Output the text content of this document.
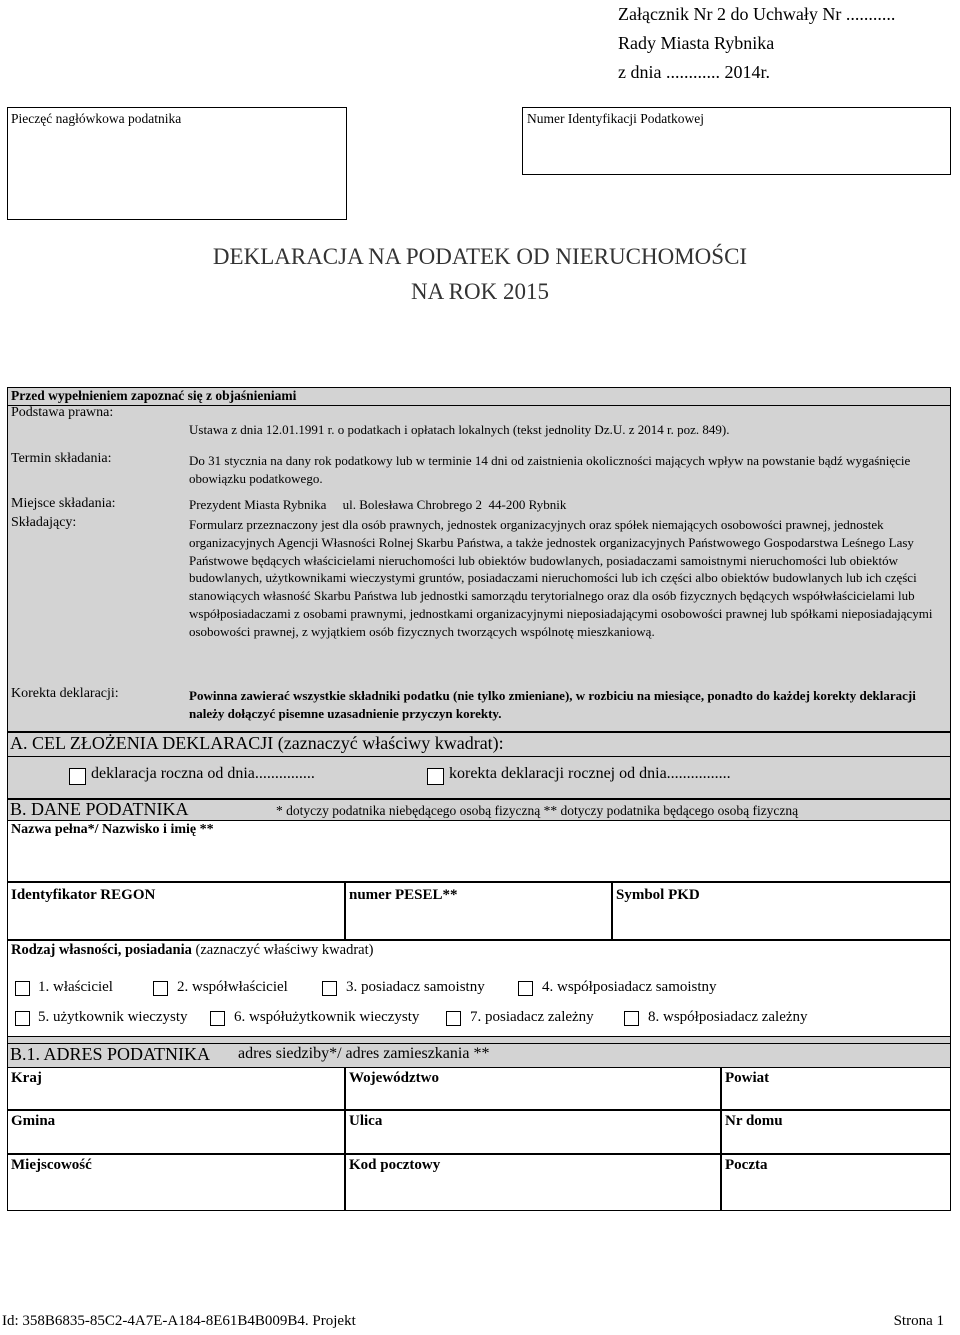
Załącznik Nr 2 do Uchwały Nr ...........
Rady Miasta Rybnika
z dnia ............ 2014r.
Pieczęć nagłówkowa podatnika	Numer Identyfikacji Podatkowej
DEKLARACJA NA PODATEK OD NIERUCHOMOŚCI
NA ROK 2015
Przed wypełnieniem zapoznać się z objaśnieniami
Podstawa prawna:
Ustawa z dnia 12.01.1991 r. o podatkach i opłatach lokalnych (tekst jednolity Dz.U. z 2014 r. poz. 849).
Termin składania:	Do 31 stycznia na dany rok podatkowy lub w terminie 14 dni od zaistnienia okoliczności mających wpływ na powstanie bądź wygaśnięcie obowiązku podatkowego.
Miejsce składania:	Prezydent Miasta Rybnika     ul. Bolesława Chrobrego 2  44-200 Rybnik
Składający:	Formularz przeznaczony jest dla osób prawnych, jednostek organizacyjnych oraz spółek niemających osobowości prawnej, jednostek organizacyjnych Agencji Własności Rolnej Skarbu Państwa, a także jednostek organizacyjnych Państwowego Gospodarstwa Leśnego Lasy Państwowe będących właścicielami nieruchomości lub obiektów budowlanych, posiadaczami samoistnymi nieruchomości lub obiektów budowlanych, użytkownikami wieczystymi gruntów, posiadaczami nieruchomości lub ich części albo obiektów budowlanych lub ich części stanowiących własność Skarbu Państwa lub jednostki samorządu terytorialnego oraz dla osób fizycznych będących współwłaścicielami lub współposiadaczami z osobami prawnymi, jednostkami organizacyjnymi nieposiadającymi osobowości prawnej lub spółkami nieposiadającymi osobowości prawnej, z wyjątkiem osób fizycznych tworzących wspólnotę mieszkaniową.
Korekta deklaracji:	Powinna zawierać wszystkie składniki podatku (nie tylko zmieniane), w rozbiciu na miesiące, ponadto do każdej korekty deklaracji należy dołączyć pisemne uzasadnienie przyczyn korekty.
A. CEL ZŁOŻENIA DEKLARACJI (zaznaczyć właściwy kwadrat):
deklaracja roczna od dnia...............	korekta deklaracji rocznej od dnia................
B. DANE PODATNIKA	* dotyczy podatnika niebędącego osobą fizyczną ** dotyczy podatnika będącego osobą fizyczną
Nazwa pełna*/ Nazwisko i imię **
Identyfikator REGON	numer PESEL**	Symbol PKD
Rodzaj własności, posiadania (zaznaczyć właściwy kwadrat)
1. właściciel	2. współwłaściciel	3. posiadacz samoistny	4. współposiadacz samoistny
5. użytkownik wieczysty	6. współużytkownik wieczysty	7. posiadacz zależny	8. współposiadacz zależny
B.1. ADRES PODATNIKA adres siedziby*/ adres zamieszkania **
Kraj	Województwo	Powiat
Gmina	Ulica	Nr domu
Miejscowość	Kod pocztowy	Poczta
Id: 358B6835-85C2-4A7E-A184-8E61B4B009B4. Projekt	Strona 1
